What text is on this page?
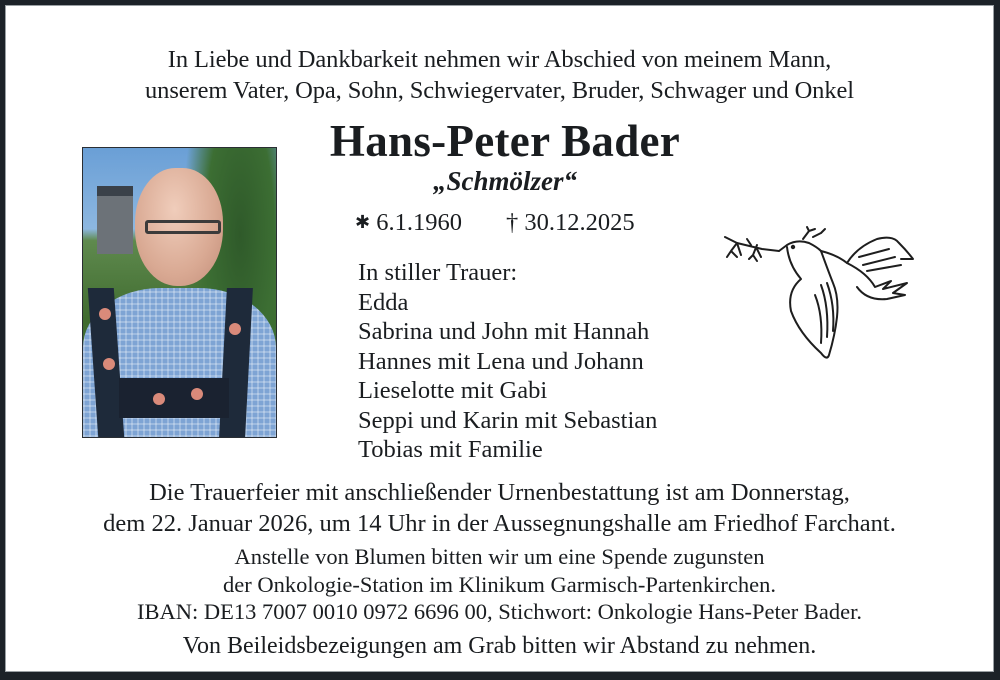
In Liebe und Dankbarkeit nehmen wir Abschied von meinem Mann,
unserem Vater, Opa, Sohn, Schwiegervater, Bruder, Schwager und Onkel
Hans-Peter Bader
„Schmölzer“
✱ 6.1.1960 † 30.12.2025
In stiller Trauer:
Edda
Sabrina und John mit Hannah
Hannes mit Lena und Johann
Lieselotte mit Gabi
Seppi und Karin mit Sebastian
Tobias mit Familie
Die Trauerfeier mit anschließender Urnenbestattung ist am Donnerstag,
dem 22. Januar 2026, um 14 Uhr in der Aussegnungshalle am Friedhof Farchant.
Anstelle von Blumen bitten wir um eine Spende zugunsten
der Onkologie-Station im Klinikum Garmisch-Partenkirchen.
IBAN: DE13 7007 0010 0972 6696 00, Stichwort: Onkologie Hans-Peter Bader.
Von Beileidsbezeigungen am Grab bitten wir Abstand zu nehmen.
